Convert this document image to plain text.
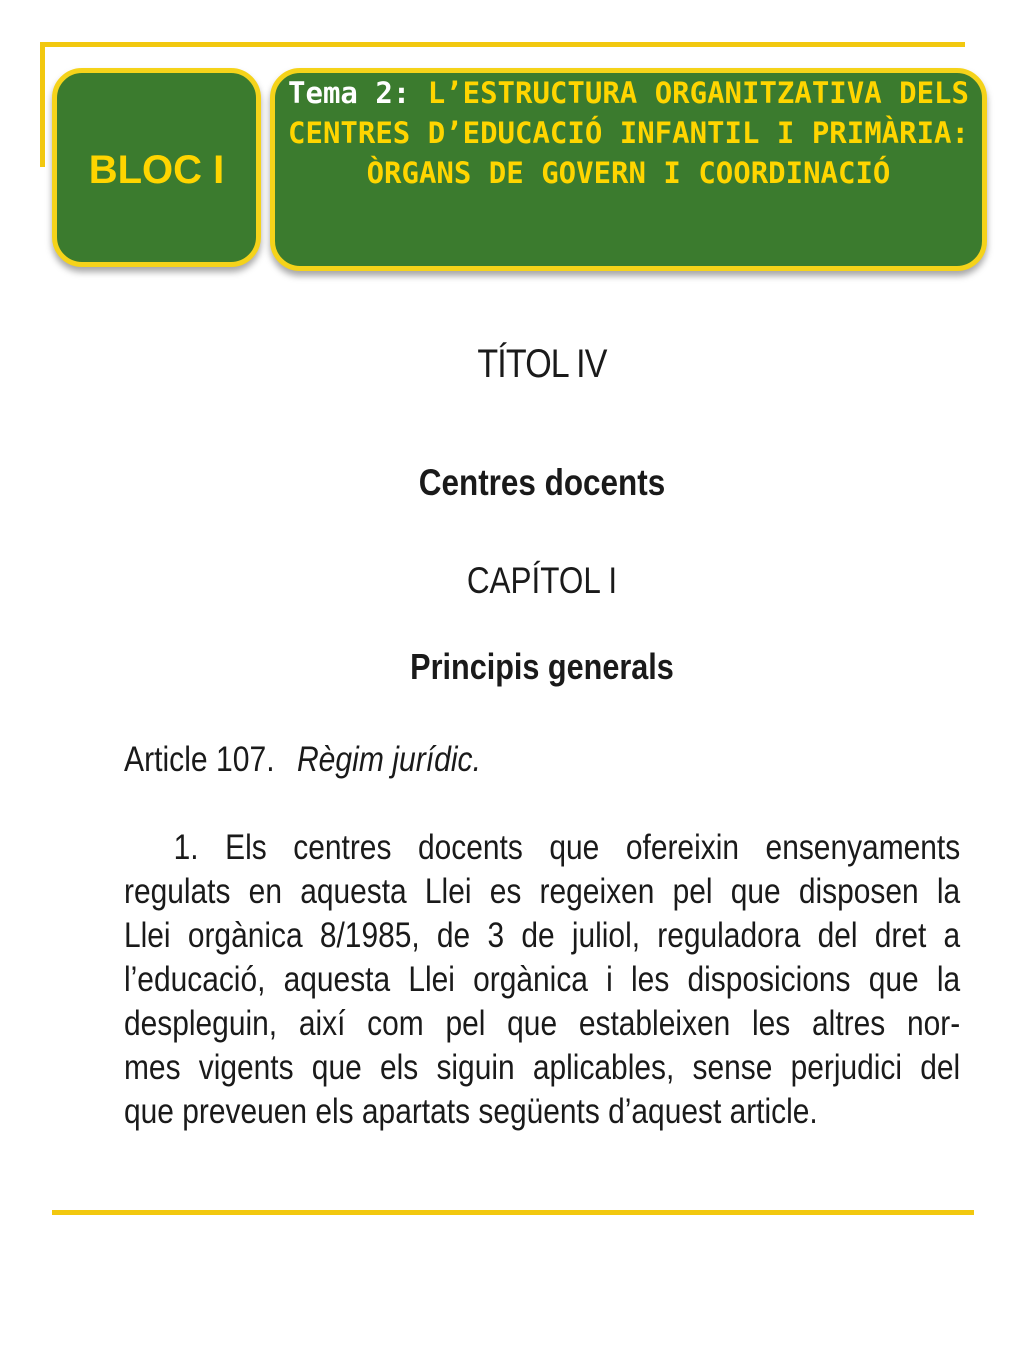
BLOC I
Tema 2: L’ESTRUCTURA ORGANITZATIVA DELS CENTRES D’EDUCACIÓ INFANTIL I PRIMÀRIA: ÒRGANS DE GOVERN I COORDINACIÓ
TÍTOL IV
Centres docents
CAPÍTOL I
Principis generals
Article 107. Règim jurídic.
1. Els centres docents que ofereixin ensenyaments
regulats en aquesta Llei es regeixen pel que disposen la
Llei orgànica 8/1985, de 3 de juliol, reguladora del dret a
l’educació, aquesta Llei orgànica i les disposicions que la
despleguin, així com pel que estableixen les altres nor-
mes vigents que els siguin aplicables, sense perjudici del
que preveuen els apartats següents d’aquest article.
